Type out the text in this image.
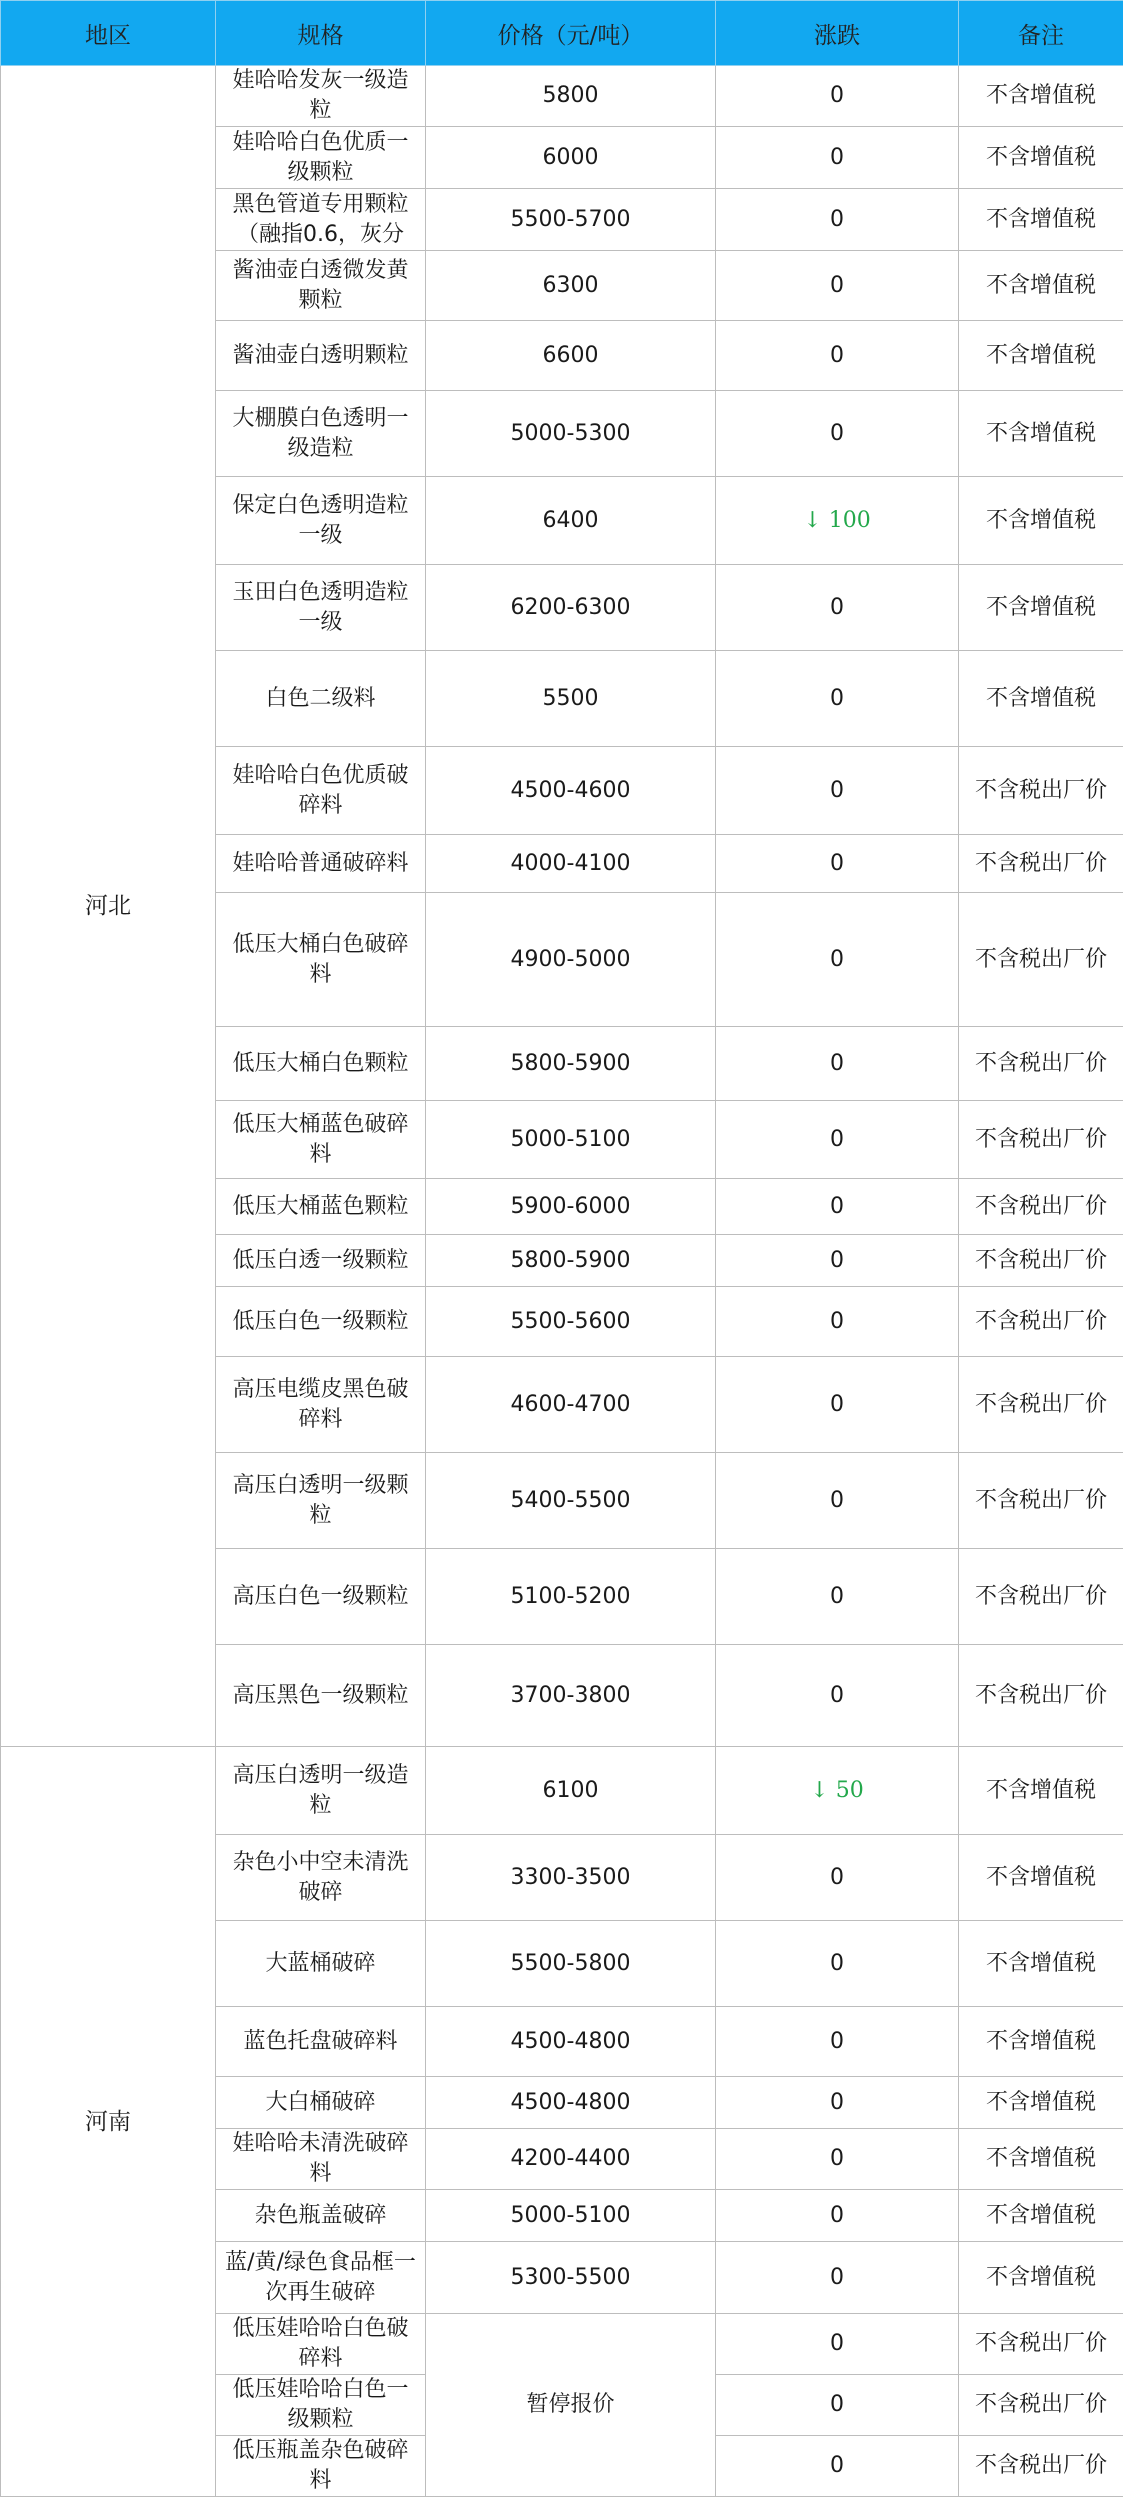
地区	规格	价格（元/吨）	涨跌	备注
河北	娃哈哈发灰一级造粒	5800	0	不含增值税
	娃哈哈白色优质一级颗粒	6000	0	不含增值税
	黑色管道专用颗粒（融指0.6，灰分	5500-5700	0	不含增值税
	酱油壶白透微发黄颗粒	6300	0	不含增值税
	酱油壶白透明颗粒	6600	0	不含增值税
	大棚膜白色透明一级造粒	5000-5300	0	不含增值税
	保定白色透明造粒一级	6400	↓ 100	不含增值税
	玉田白色透明造粒一级	6200-6300	0	不含增值税
	白色二级料	5500	0	不含增值税
	娃哈哈白色优质破碎料	4500-4600	0	不含税出厂价
	娃哈哈普通破碎料	4000-4100	0	不含税出厂价
	低压大桶白色破碎料	4900-5000	0	不含税出厂价
	低压大桶白色颗粒	5800-5900	0	不含税出厂价
	低压大桶蓝色破碎料	5000-5100	0	不含税出厂价
	低压大桶蓝色颗粒	5900-6000	0	不含税出厂价
	低压白透一级颗粒	5800-5900	0	不含税出厂价
	低压白色一级颗粒	5500-5600	0	不含税出厂价
	高压电缆皮黑色破碎料	4600-4700	0	不含税出厂价
	高压白透明一级颗粒	5400-5500	0	不含税出厂价
	高压白色一级颗粒	5100-5200	0	不含税出厂价
	高压黑色一级颗粒	3700-3800	0	不含税出厂价
河南	高压白透明一级造粒	6100	↓ 50	不含增值税
	杂色小中空未清洗破碎	3300-3500	0	不含增值税
	大蓝桶破碎	5500-5800	0	不含增值税
	蓝色托盘破碎料	4500-4800	0	不含增值税
	大白桶破碎	4500-4800	0	不含增值税
	娃哈哈未清洗破碎料	4200-4400	0	不含增值税
	杂色瓶盖破碎	5000-5100	0	不含增值税
	蓝/黄/绿色食品框一次再生破碎	5300-5500	0	不含增值税
	低压娃哈哈白色破碎料	暂停报价	0	不含税出厂价
	低压娃哈哈白色一级颗粒		0	不含税出厂价
	低压瓶盖杂色破碎料		0	不含税出厂价
